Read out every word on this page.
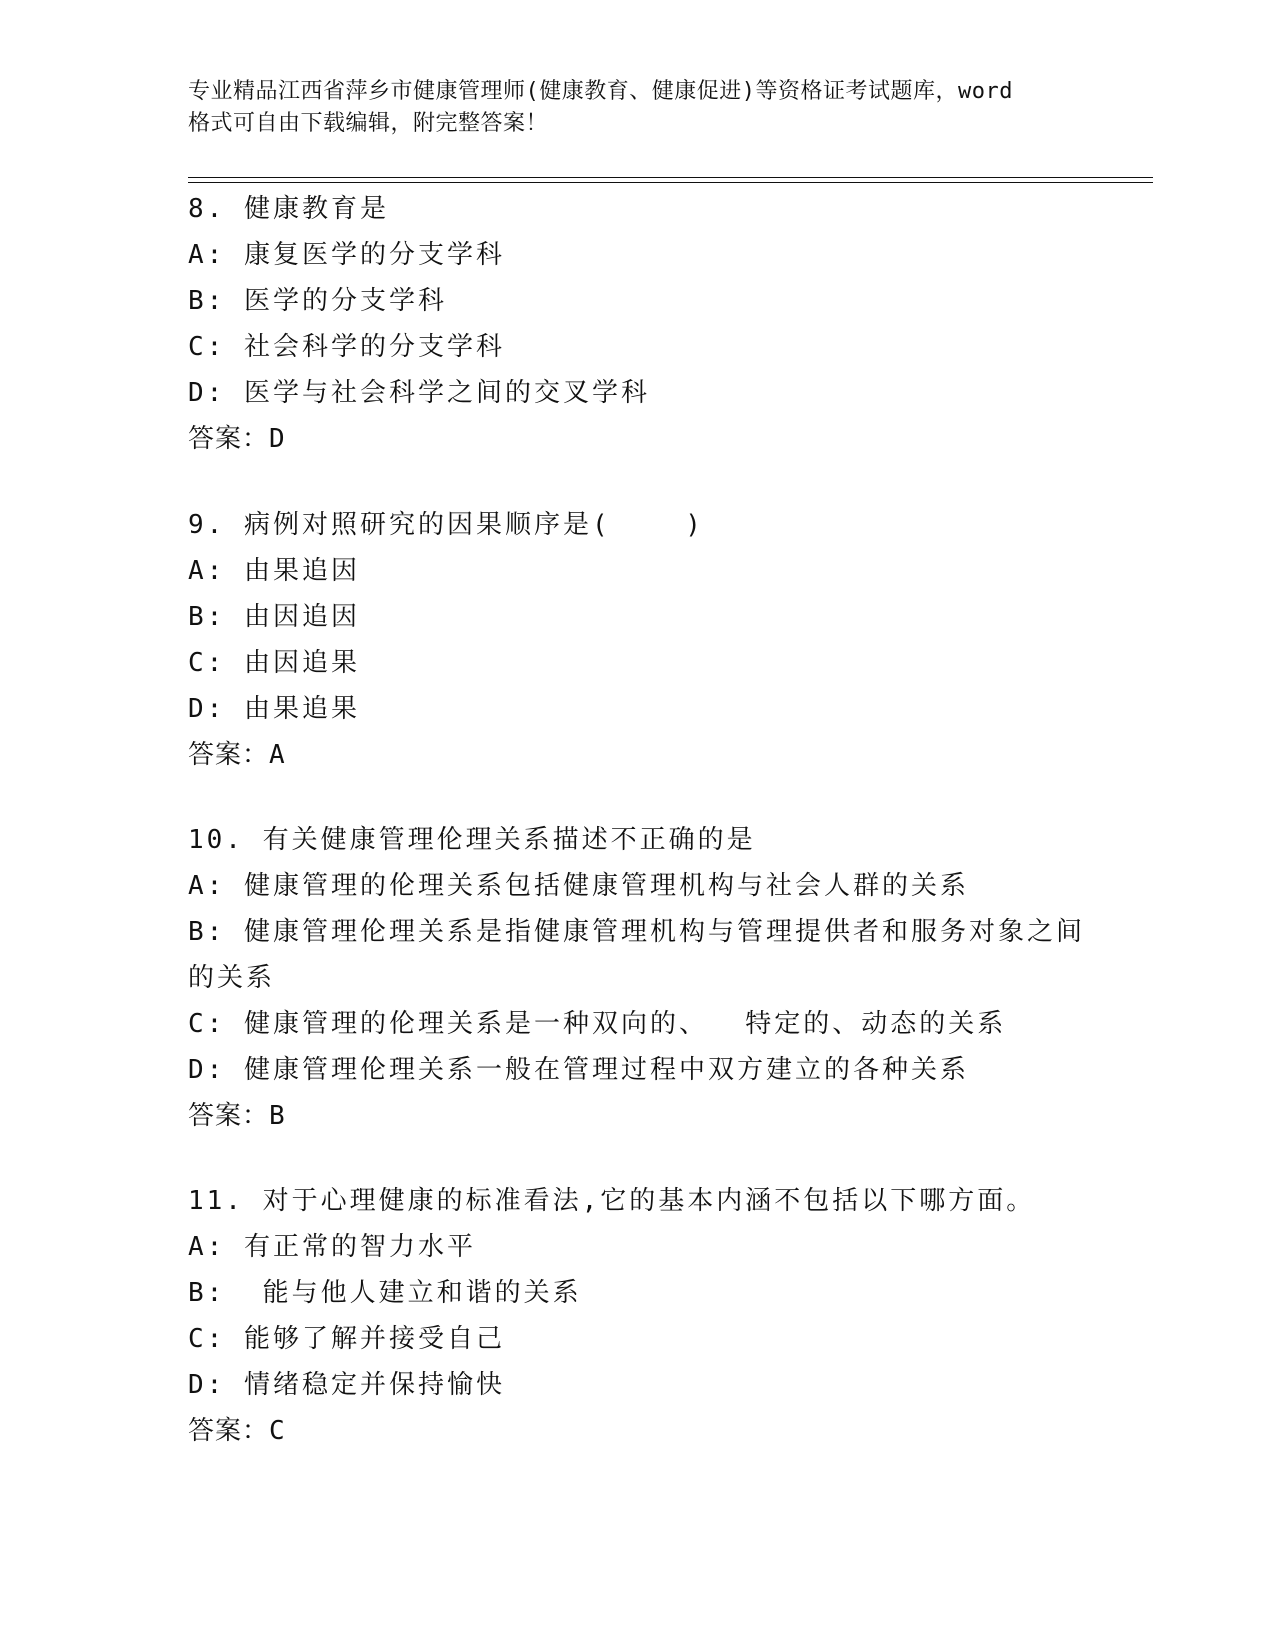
专业精品江西省萍乡市健康管理师(健康教育、健康促进)等资格证考试题库，word
格式可自由下载编辑，附完整答案！
8. 健康教育是
A: 康复医学的分支学科
B: 医学的分支学科
C: 社会科学的分支学科
D: 医学与社会科学之间的交叉学科
答案：D
9. 病例对照研究的因果顺序是(    )
A: 由果追因
B: 由因追因
C: 由因追果
D: 由果追果
答案：A
10. 有关健康管理伦理关系描述不正确的是
A: 健康管理的伦理关系包括健康管理机构与社会人群的关系
B: 健康管理伦理关系是指健康管理机构与管理提供者和服务对象之间
的关系
C: 健康管理的伦理关系是一种双向的、  特定的、动态的关系
D: 健康管理伦理关系一般在管理过程中双方建立的各种关系
答案：B
11. 对于心理健康的标准看法,它的基本内涵不包括以下哪方面。
A: 有正常的智力水平
B:  能与他人建立和谐的关系
C: 能够了解并接受自己
D: 情绪稳定并保持愉快
答案：C
